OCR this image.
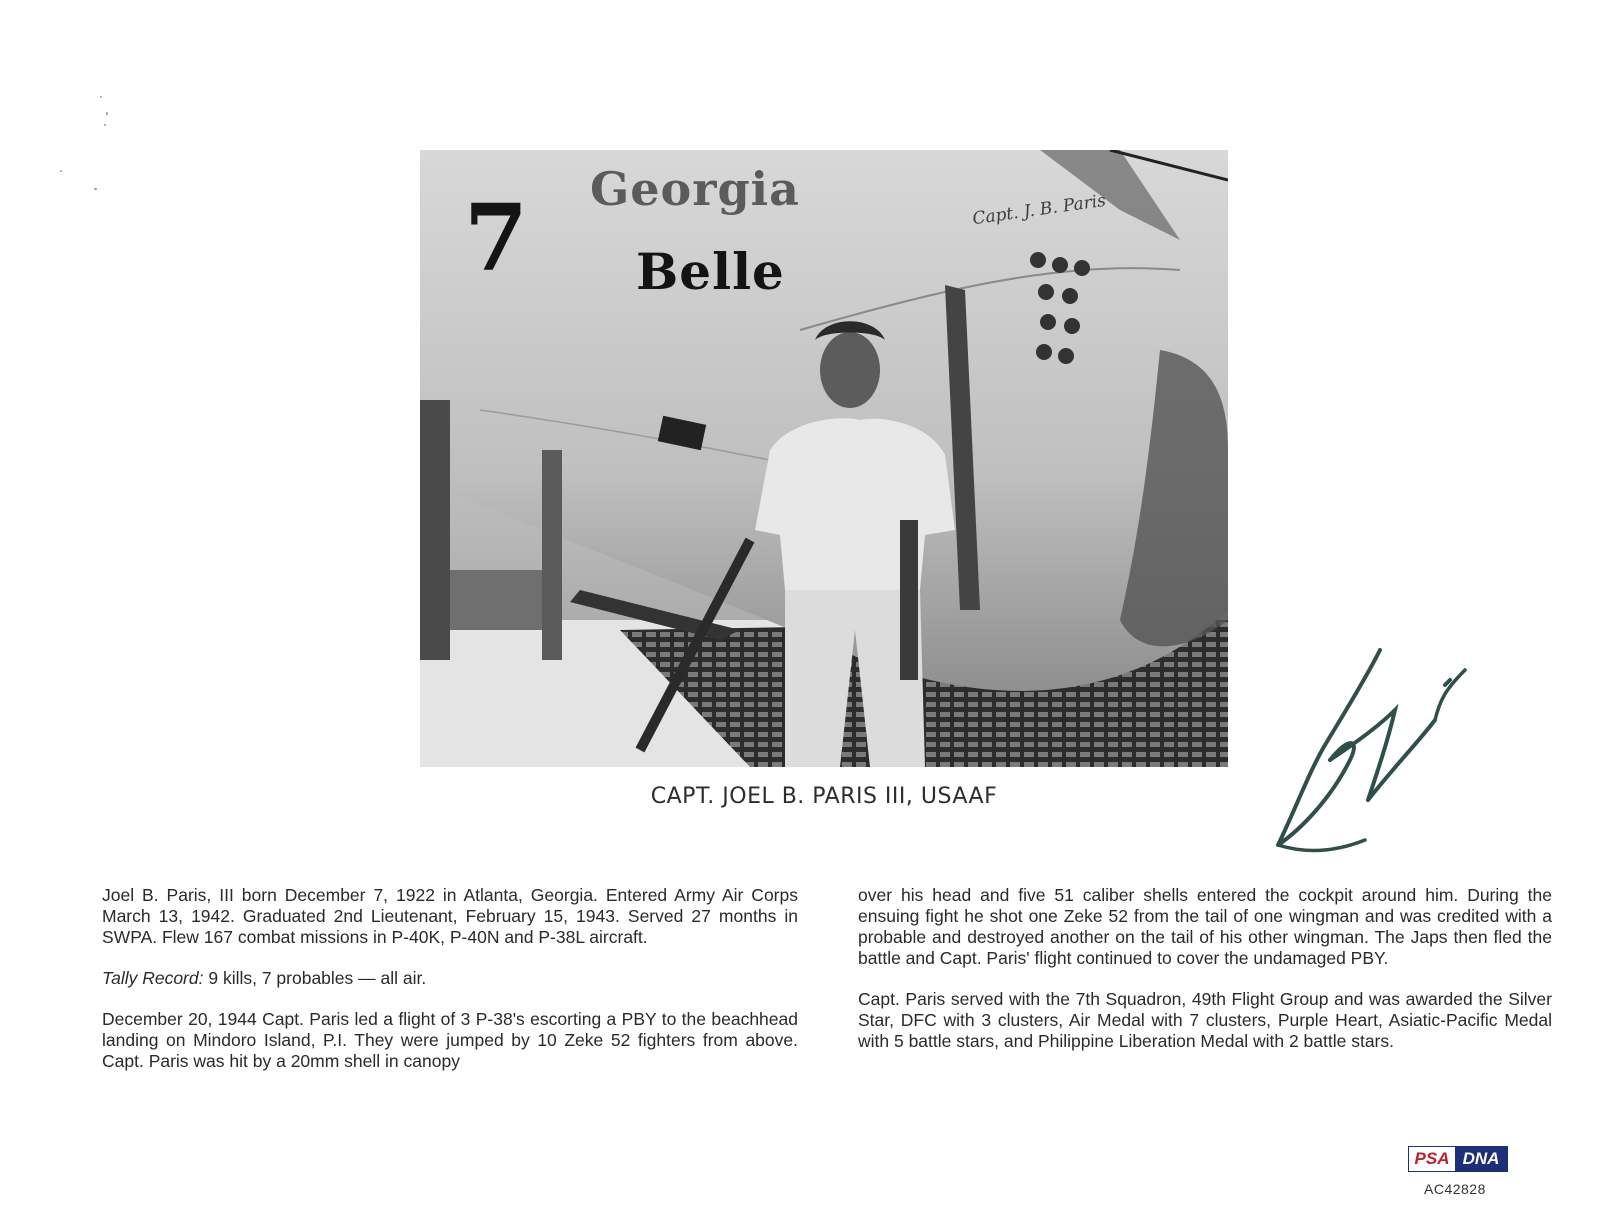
7 Georgia
Belle
Capt. J. B. Paris
CAPT. JOEL B. PARIS III, USAAF

Joel B. Paris, III born December 7, 1922 in Atlanta, Georgia. Entered Army Air Corps March 13, 1942. Graduated 2nd Lieutenant, February 15, 1943. Served 27 months in SWPA. Flew 167 combat missions in P-40K, P-40N and P-38L aircraft.

Tally Record: 9 kills, 7 probables — all air.

December 20, 1944 Capt. Paris led a flight of 3 P-38's escorting a PBY to the beachhead landing on Mindoro Island, P.I. They were jumped by 10 Zeke 52 fighters from above. Capt. Paris was hit by a 20mm shell in canopy

over his head and five 51 caliber shells entered the cockpit around him. During the ensuing fight he shot one Zeke 52 from the tail of one wingman and was credited with a probable and destroyed another on the tail of his other wingman. The Japs then fled the battle and Capt. Paris' flight continued to cover the undamaged PBY.

Capt. Paris served with the 7th Squadron, 49th Flight Group and was awarded the Silver Star, DFC with 3 clusters, Air Medal with 7 clusters, Purple Heart, Asiatic-Pacific Medal with 5 battle stars, and Philippine Liberation Medal with 2 battle stars.

PSA DNA
AC42828
